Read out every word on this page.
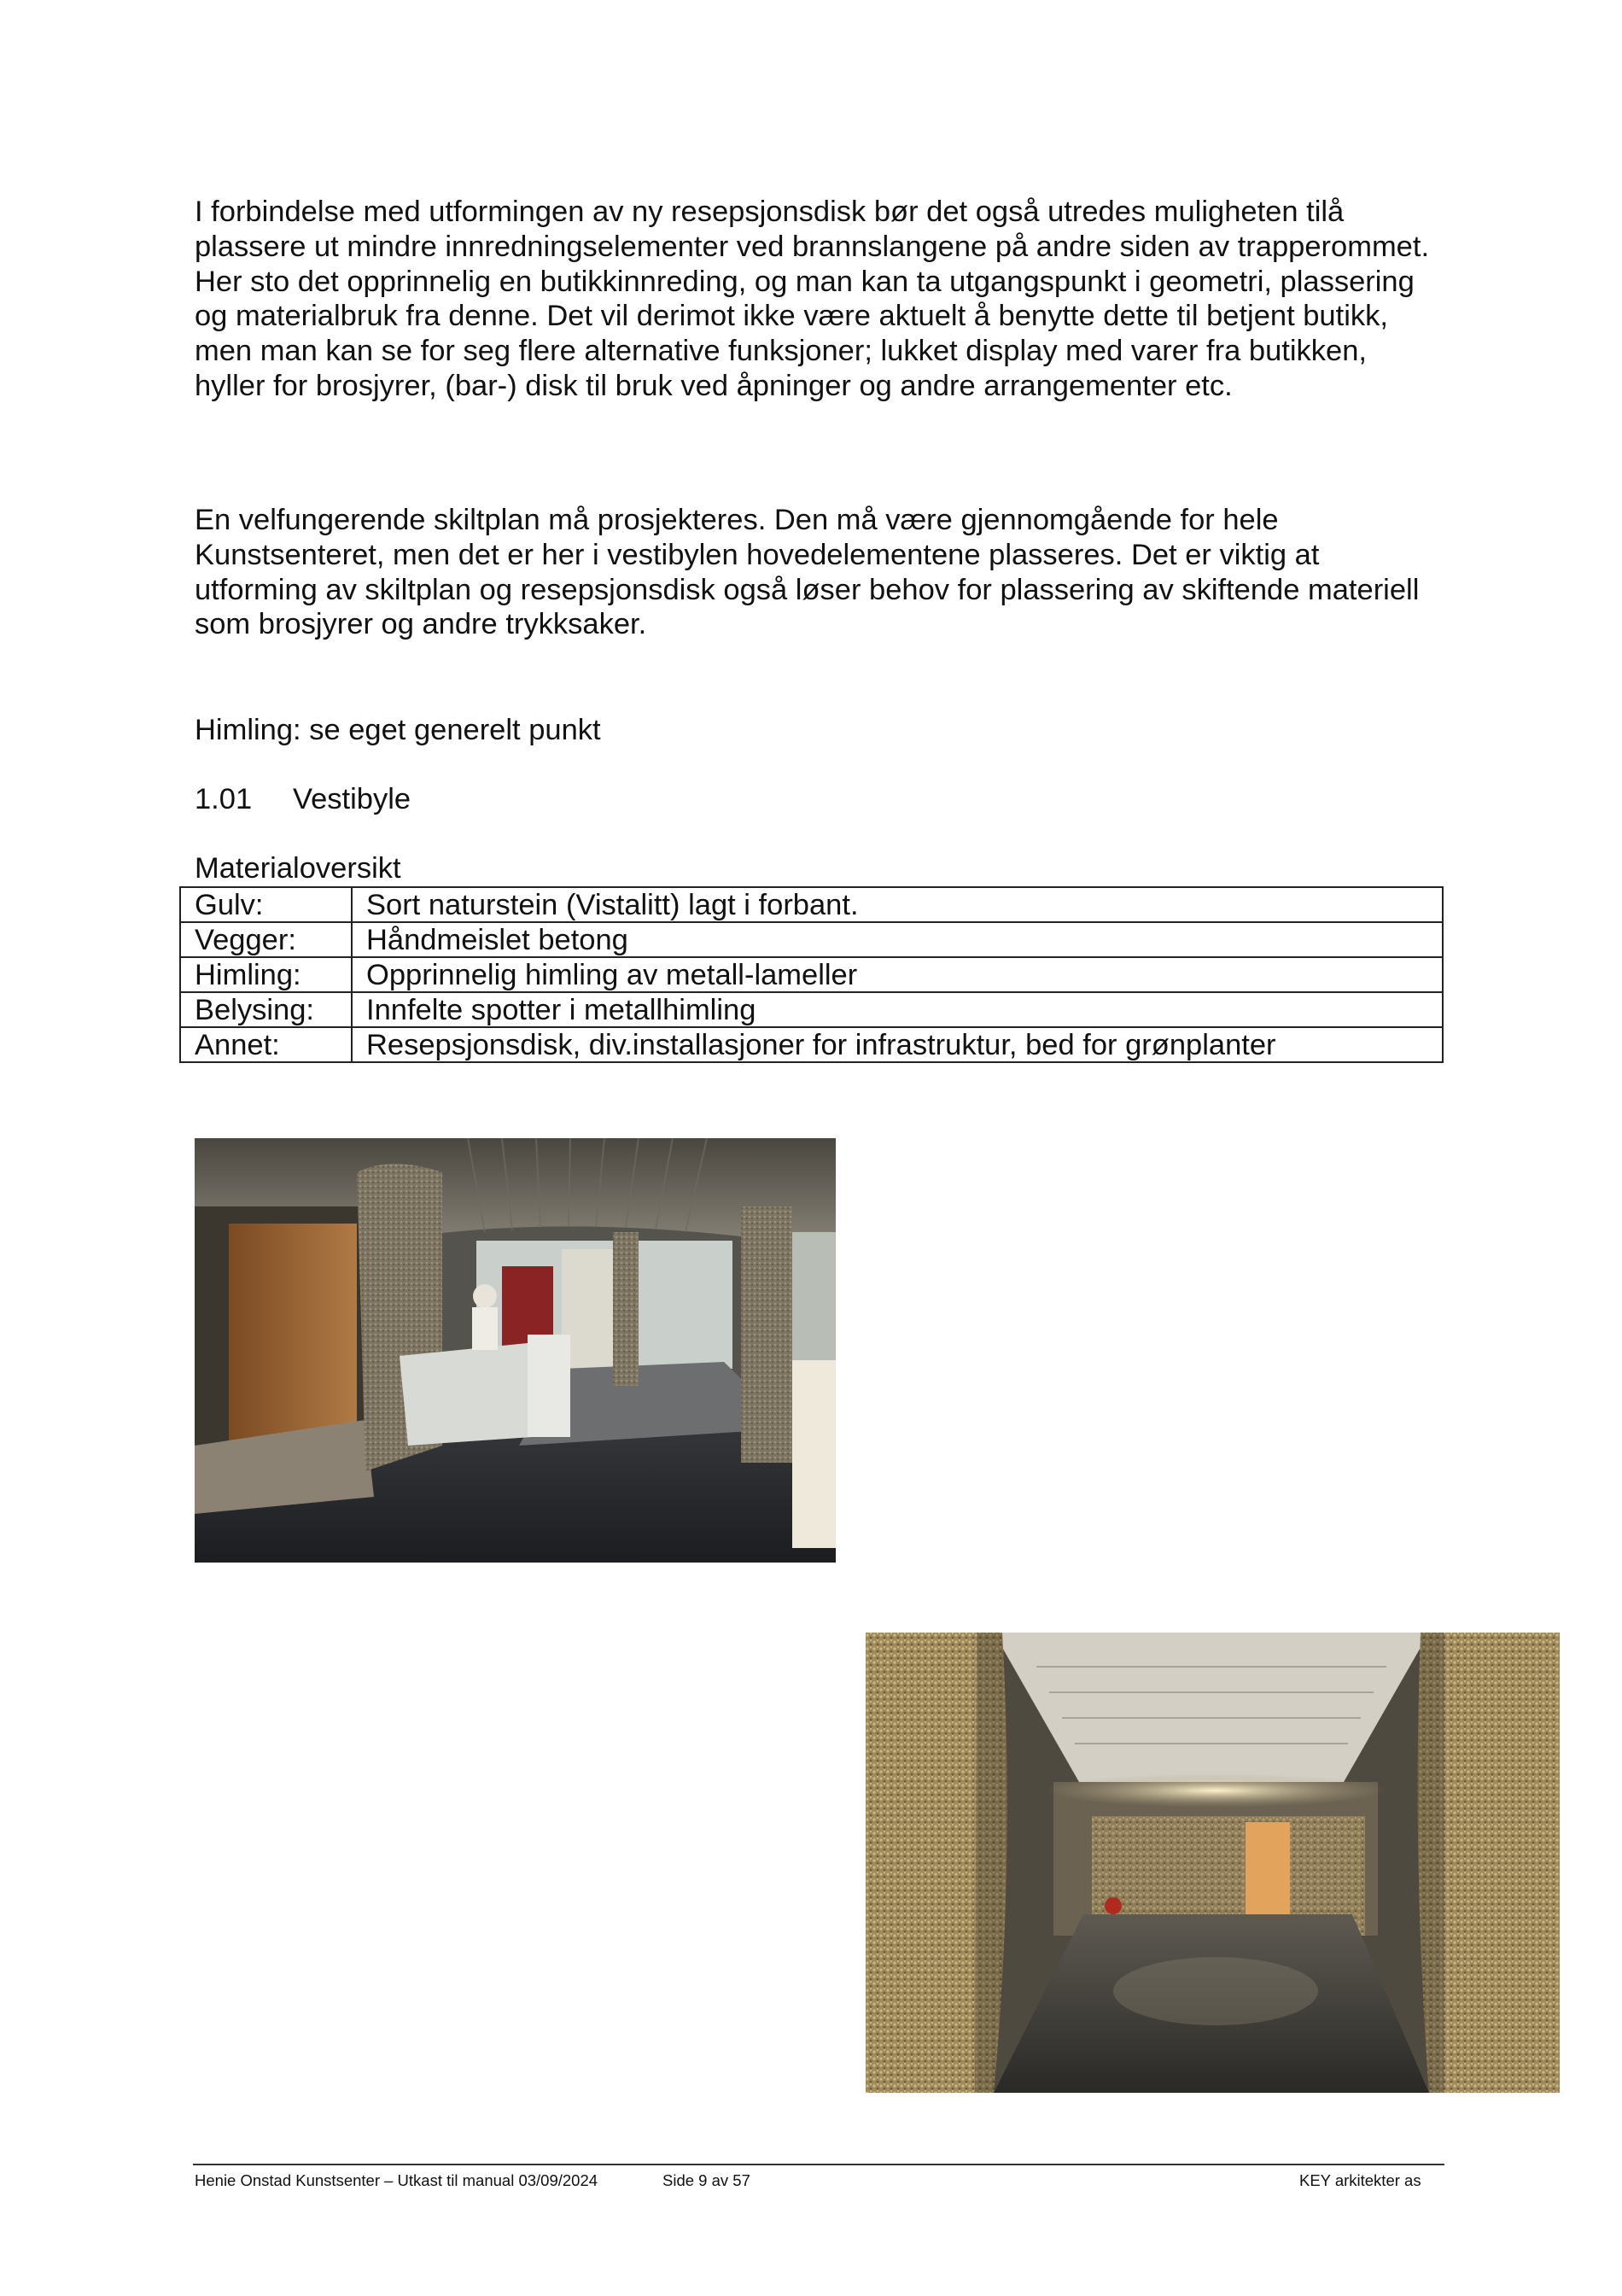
I forbindelse med utformingen av ny resepsjonsdisk bør det også utredes muligheten tilå plassere ut mindre innredningselementer ved brannslangene på andre siden av trapperommet. Her sto det opprinnelig en butikkinnreding, og man kan ta utgangspunkt i geometri, plassering og materialbruk fra denne. Det vil derimot ikke være aktuelt å benytte dette til betjent butikk, men man kan se for seg flere alternative funksjoner; lukket display med varer fra butikken, hyller for brosjyrer, (bar-) disk til bruk ved åpninger og andre arrangementer etc.

En velfungerende skiltplan må prosjekteres. Den må være gjennomgående for hele Kunstsenteret, men det er her i vestibylen hovedelementene plasseres. Det er viktig at utforming av skiltplan og resepsjonsdisk også løser behov for plassering av skiftende materiell som brosjyrer og andre trykksaker.

Himling: se eget generelt punkt

1.01 Vestibyle
Materialoversikt
Gulv:	Sort naturstein (Vistalitt) lagt i forbant.
Vegger:	Håndmeislet betong
Himling:	Opprinnelig himling av metall-lameller
Belysing:	Innfelte spotter i metallhimling
Annet:	Resepsjonsdisk, div.installasjoner for infrastruktur, bed for grønplanter
Henie Onstad Kunstsenter – Utkast til manual 03/09/2024	Side 9 av 57	KEY arkitekter as
